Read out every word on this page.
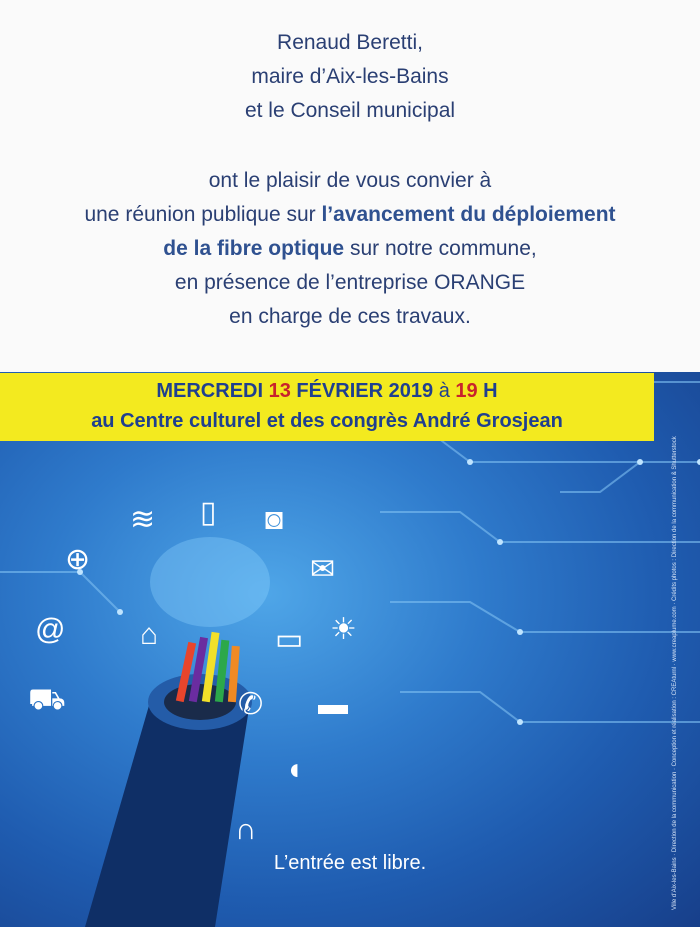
Renaud Beretti,
maire d’Aix-les-Bains
et le Conseil municipal
ont le plaisir de vous convier à
une réunion publique sur l’avancement du déploiement
de la fibre optique sur notre commune,
en présence de l’entreprise ORANGE
en charge de ces travaux.
MERCREDI 13 FÉVRIER 2019 à 19 H
au Centre culturel et des congrès André Grosjean
≋ ▯ ◙
⊕	✉
@ ⌂	▭ ☀
⛟	✆ ▬
◖
∩
L’entrée est libre.	Ville d’Aix-les-Bains · Direction de la communication · Conception et réalisation : CREAturnl · www.creaplume.com · Crédits photos : Direction de la communication & Shutterstock
